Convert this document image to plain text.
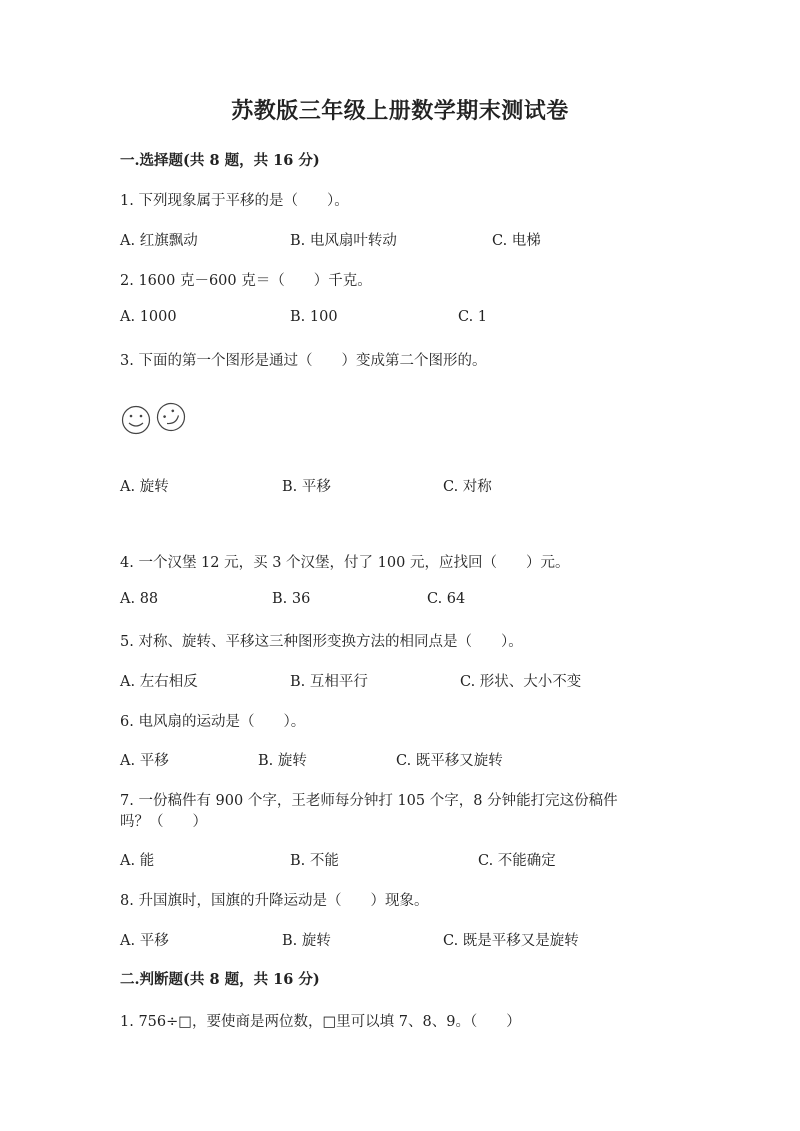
苏教版三年级上册数学期末测试卷
一.选择题(共 8 题，共 16 分)
1. 下列现象属于平移的是（　　）。
A. 红旗飘动	B. 电风扇叶转动	C. 电梯
2. 1600 克－600 克＝（　　）千克。
A. 1000	B. 100	C. 1
3. 下面的第一个图形是通过（　　）变成第二个图形的。
A. 旋转	B. 平移	C. 对称
4. 一个汉堡 12 元，买 3 个汉堡，付了 100 元，应找回（　　）元。
A. 88	B. 36	C. 64
5. 对称、旋转、平移这三种图形变换方法的相同点是（　　）。
A. 左右相反	B. 互相平行	C. 形状、大小不变
6. 电风扇的运动是（　　）。
A. 平移	B. 旋转	C. 既平移又旋转
7. 一份稿件有 900 个字，王老师每分钟打 105 个字，8 分钟能打完这份稿件
吗？（　　）
A. 能	B. 不能	C. 不能确定
8. 升国旗时，国旗的升降运动是（　　）现象。
A. 平移	B. 旋转	C. 既是平移又是旋转
二.判断题(共 8 题，共 16 分)
1. 756÷□，要使商是两位数，□里可以填 7、8、9。（　　）
